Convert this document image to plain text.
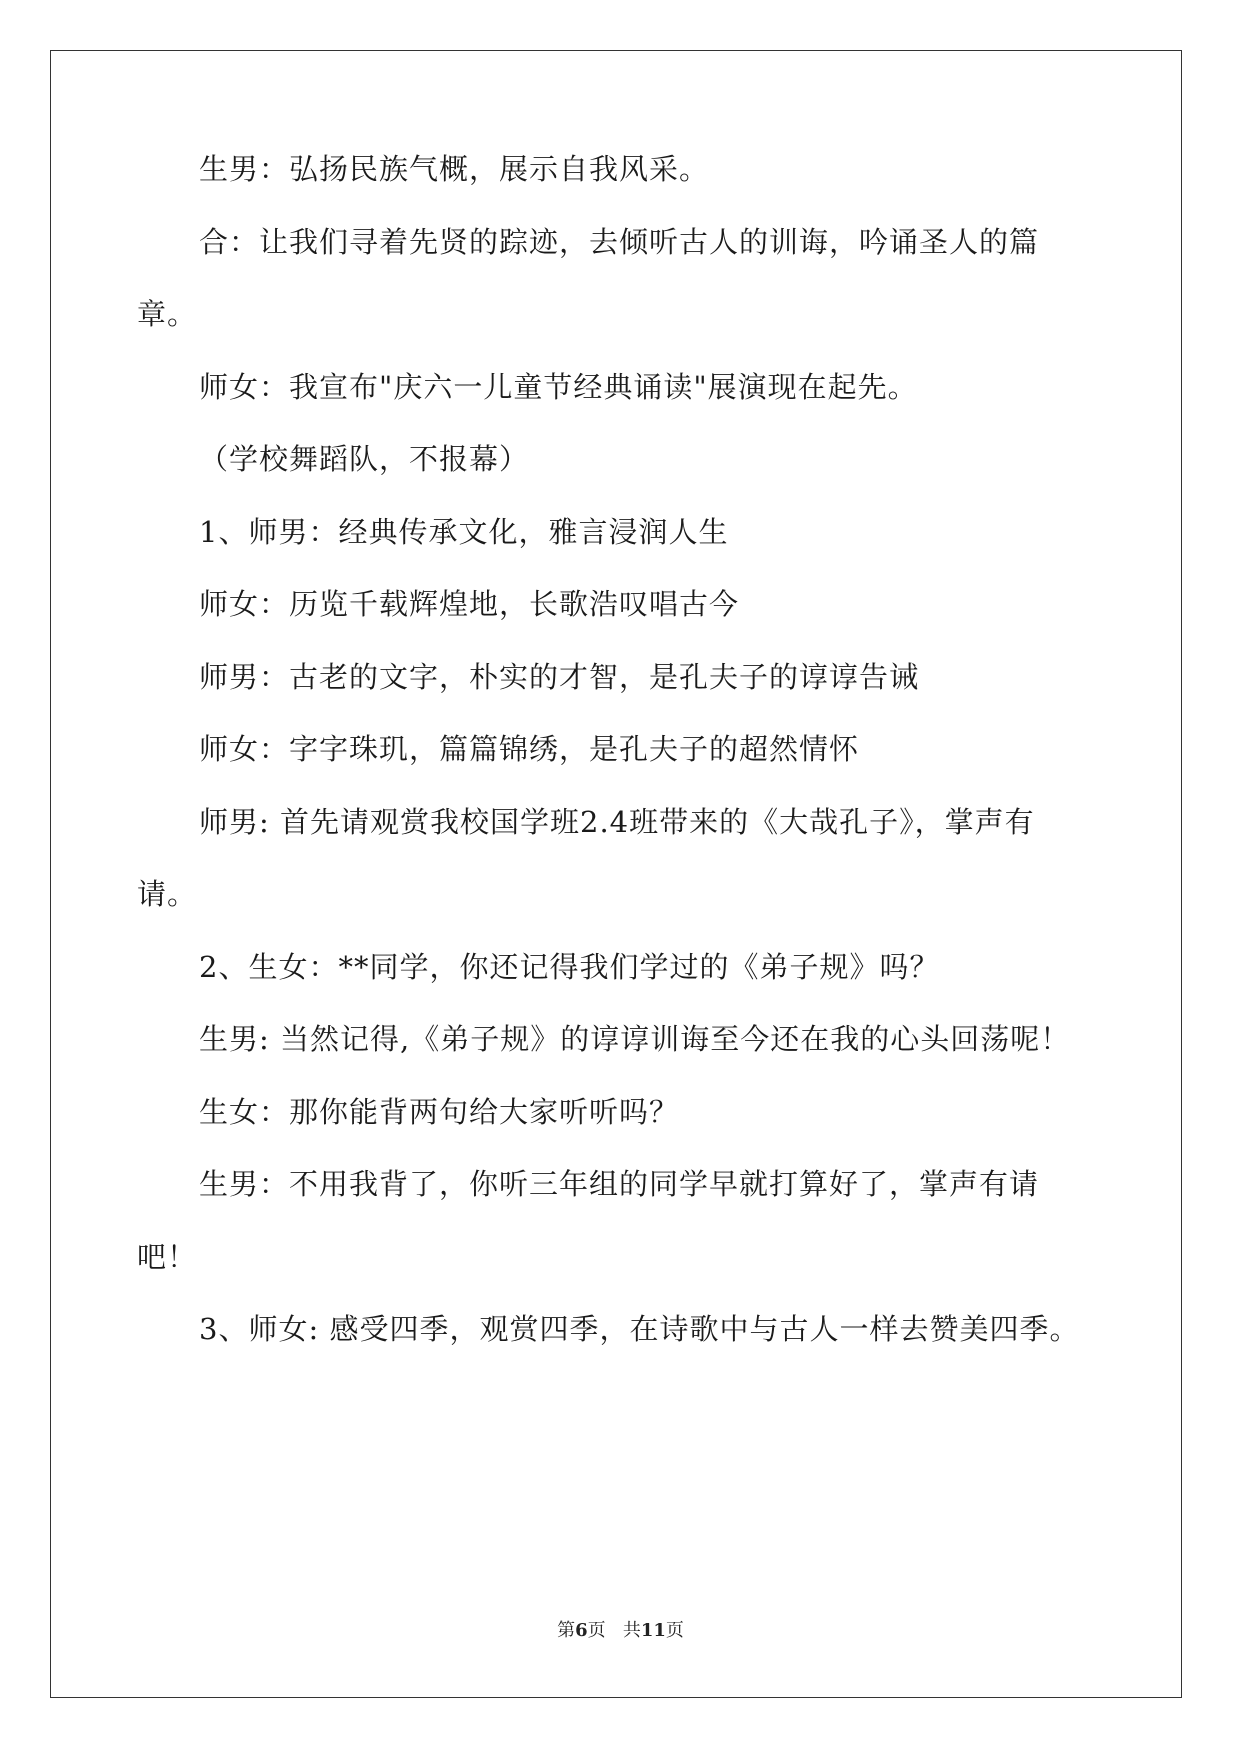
生男：弘扬民族气概，展示自我风采。

合：让我们寻着先贤的踪迹，去倾听古人的训诲，吟诵圣人的篇

章。

师女：我宣布"庆六一儿童节经典诵读"展演现在起先。

（学校舞蹈队，不报幕）

1、师男：经典传承文化，雅言浸润人生

师女：历览千载辉煌地，长歌浩叹唱古今

师男：古老的文字，朴实的才智，是孔夫子的谆谆告诫

师女：字字珠玑，篇篇锦绣，是孔夫子的超然情怀

师男: 首先请观赏我校国学班2.4班带来的《大哉孔子》，掌声有

请。

2、生女：**同学，你还记得我们学过的《弟子规》吗？

生男: 当然记得,《弟子规》的谆谆训诲至今还在我的心头回荡呢！

生女：那你能背两句给大家听听吗？

生男：不用我背了，你听三年组的同学早就打算好了，掌声有请

吧！

3、师女: 感受四季，观赏四季，在诗歌中与古人一样去赞美四季。

第6页 共11页
